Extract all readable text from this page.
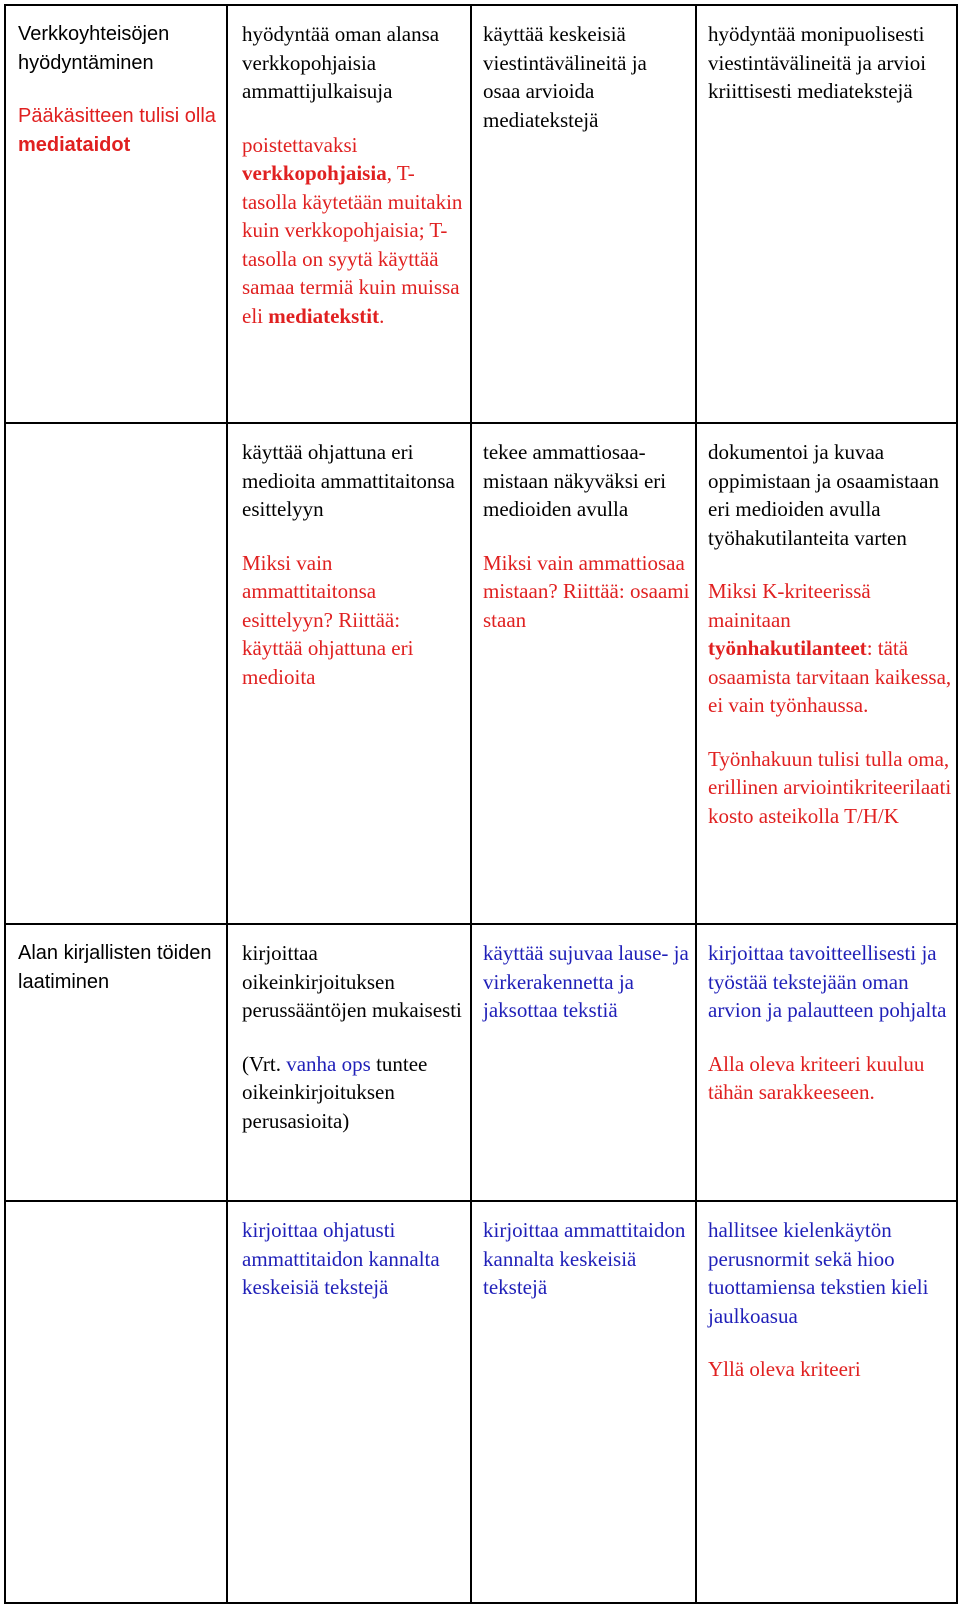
Verkkoyhteisöjen hyödyntäminen

Pääkäsitteen tulisi olla mediataidot

hyödyntää oman alansa verkkopohjaisia ammattijulkaisuja

poistettavaksi verkkopohjaisia, T-tasolla käytetään muitakin kuin verkkopohjaisia; T-tasolla on syytä käyttää samaa termiä kuin muissa eli mediatekstit.

käyttää keskeisiä viestintävälineitä ja osaa arvioida mediatekstejä

hyödyntää monipuolisesti viestintävälineitä ja arvioi kriittisesti mediatekstejä

käyttää ohjattuna eri medioita ammattitaitonsa esittelyyn

Miksi vain ammattitaitonsa esittelyyn? Riittää: käyttää ohjattuna eri medioita

tekee ammattiosaa-
mistaan näkyväksi eri medioiden avulla

Miksi vain ammattiosaamistaan? Riittää: osaamistaan

dokumentoi ja kuvaa oppimistaan ja osaamistaan eri medioiden avulla työhakutilanteita varten

Miksi K-kriteerissä mainitaan työnhakutilanteet: tätä osaamista tarvitaan kaikessa, ei vain työnhaussa.

Työnhakuun tulisi tulla oma, erillinen arviointikriteerilaatikosto asteikolla T/H/K

Alan kirjallisten töiden laatiminen

kirjoittaa oikeinkirjoituksen perussääntöjen mukaisesti

(Vrt. vanha ops tuntee oikeinkirjoituksen perusasioita)

käyttää sujuvaa lause- ja virkerakennetta ja jaksottaa tekstiä

kirjoittaa tavoitteellisesti ja työstää tekstejään oman arvion ja palautteen pohjalta

Alla oleva kriteeri kuuluu tähän sarakkeeseen.

kirjoittaa ohjatusti ammattitaidon kannalta keskeisiä tekstejä

kirjoittaa ammattitaidon kannalta keskeisiä tekstejä

hallitsee kielenkäytön perusnormit sekä hioo tuottamiensa tekstien kieli jaulkoasua

Yllä oleva kriteeri
